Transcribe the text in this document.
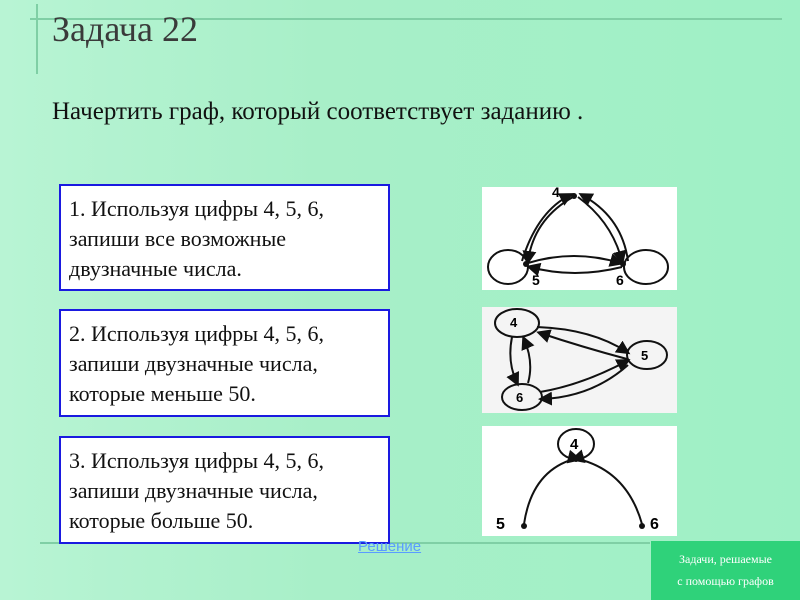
Задача 22
Начертить граф, который соответствует заданию .
1. Используя цифры 4, 5, 6, запиши все возможные двузначные числа.
2. Используя цифры 4, 5, 6, запиши двузначные числа, которые меньше 50.
3. Используя цифры 4, 5, 6, запиши двузначные числа, которые больше 50.
4
5	6
4
5
6
4
5	6
Решение
Задачи, решаемые
с помощью графов
